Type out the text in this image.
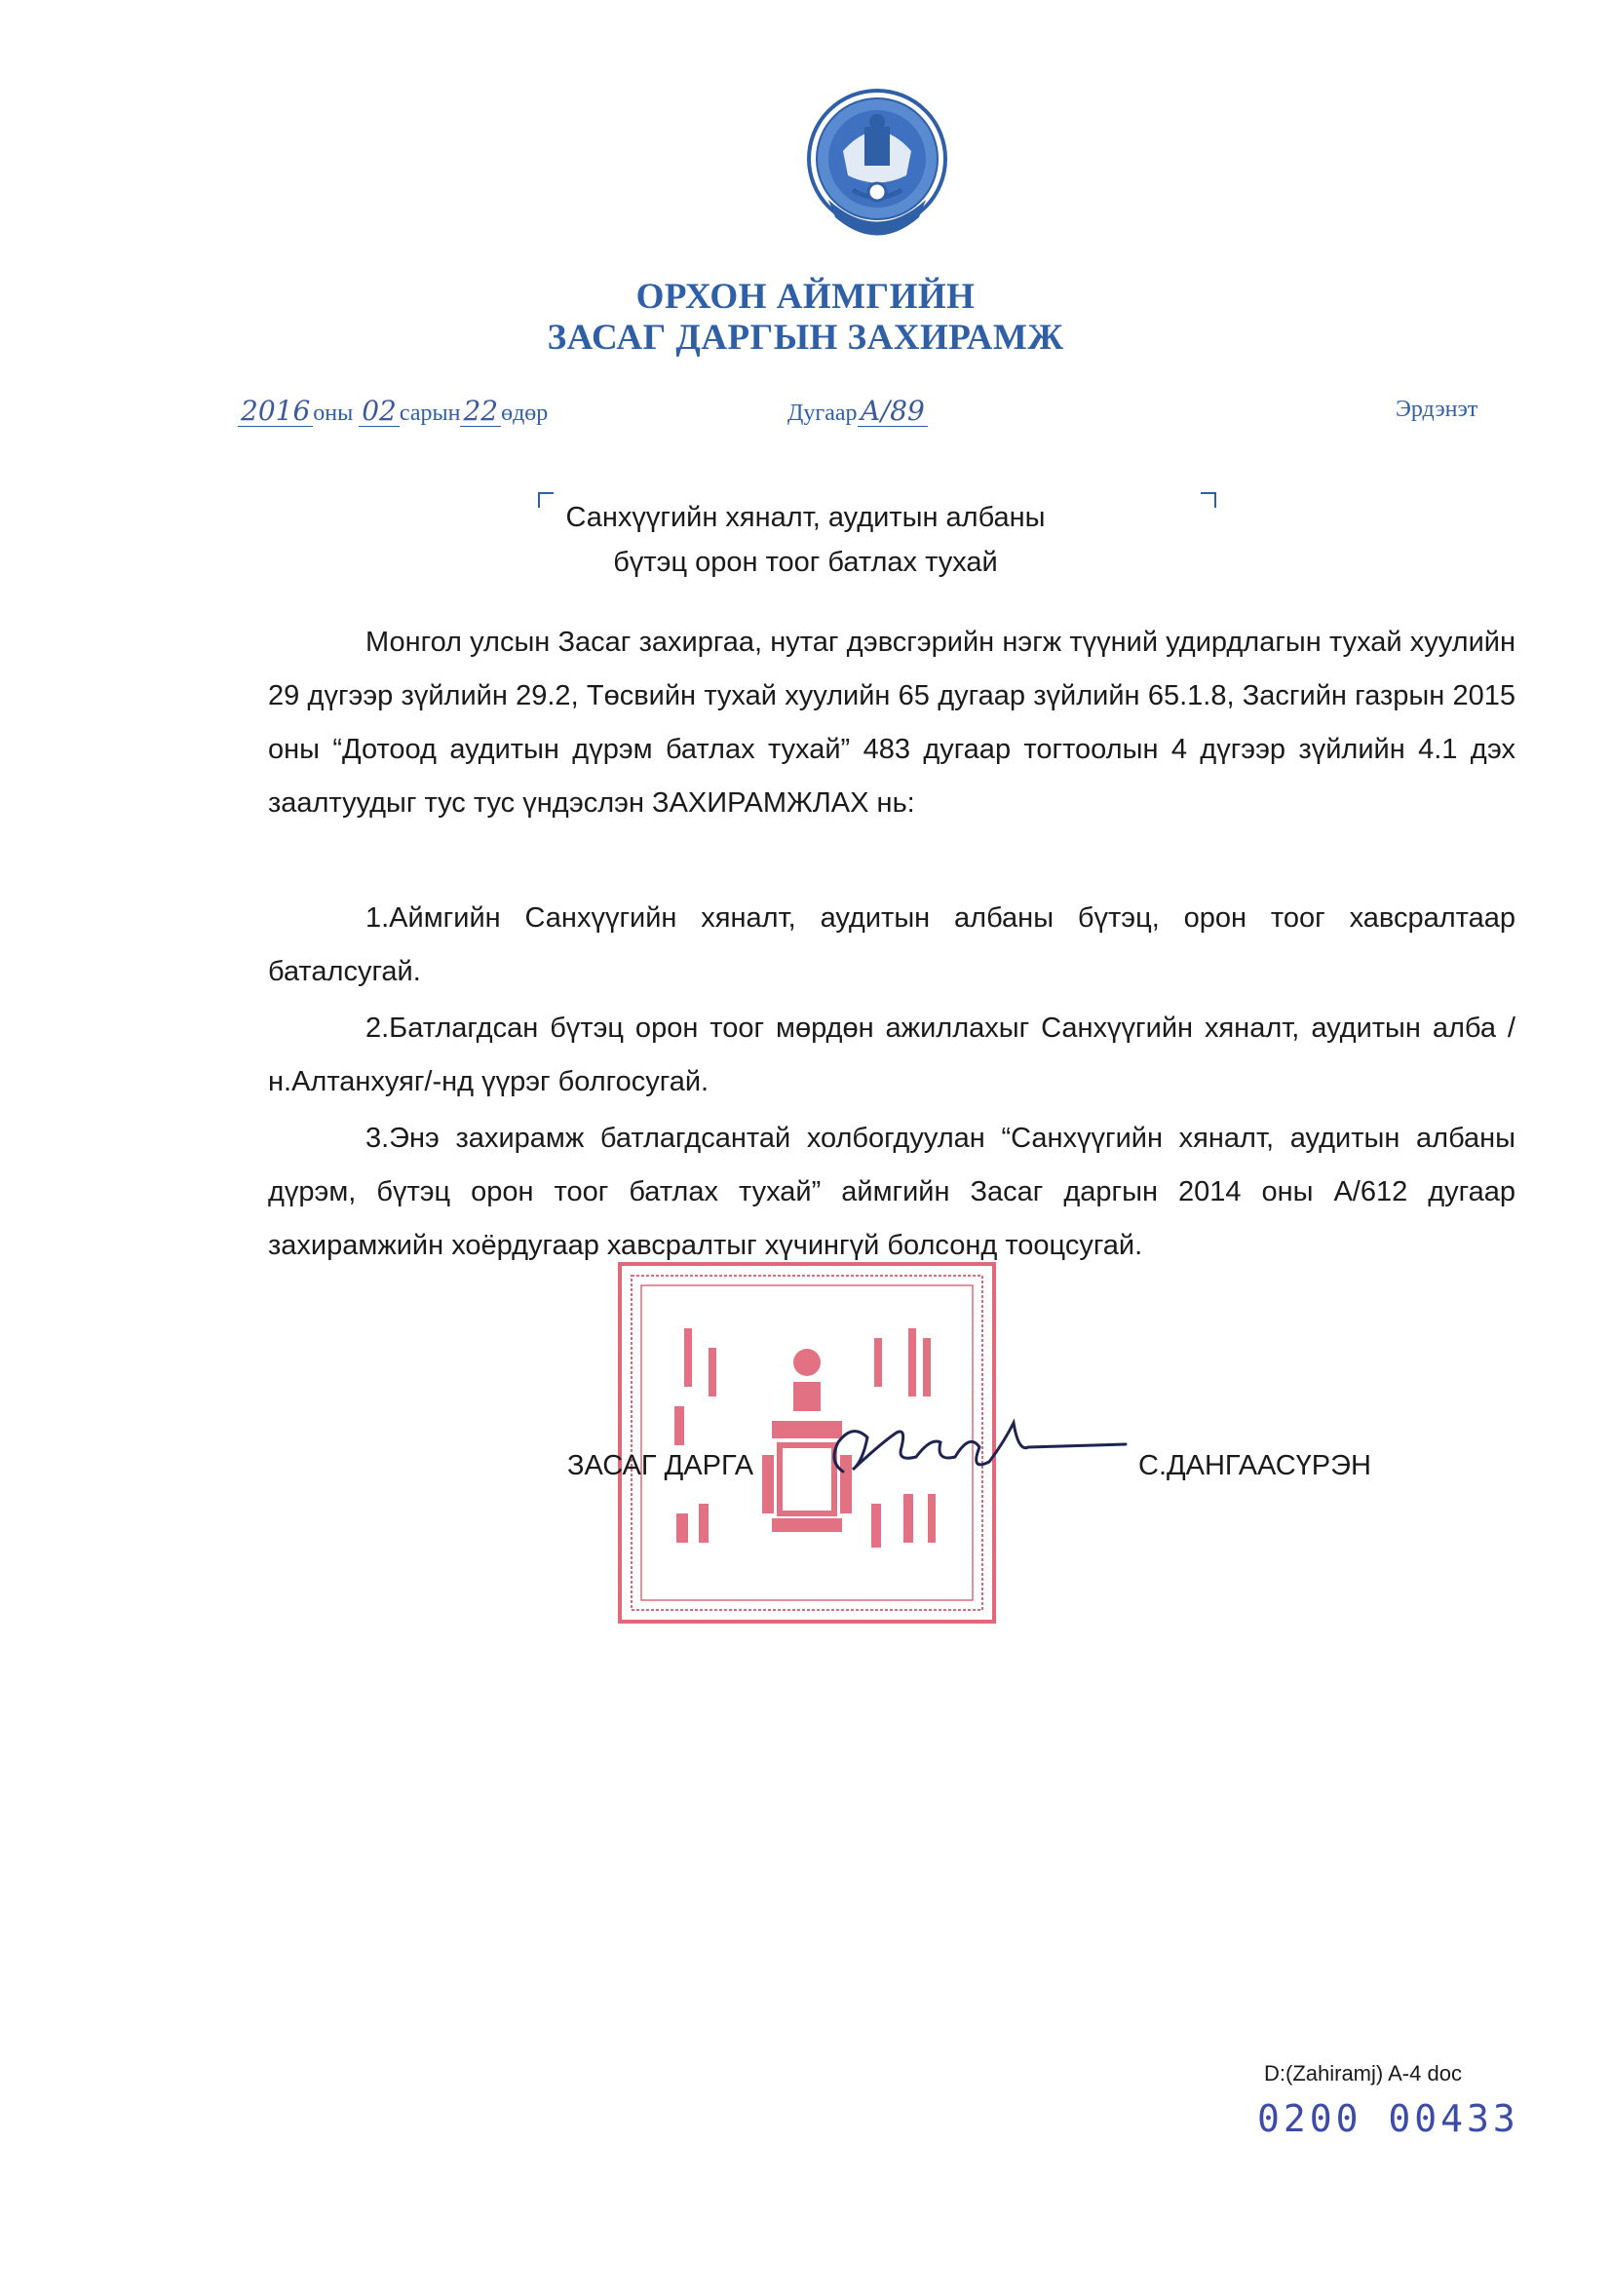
ОРХОН АЙМГИЙН
ЗАСАГ ДАРГЫН ЗАХИРАМЖ
2016 оны 02 сарын 22 өдөр	Дугаар А/89	Эрдэнэт
Санхүүгийн хяналт, аудитын албаны
бүтэц орон тоог батлах тухай
Монгол улсын Засаг захиргаа, нутаг дэвсгэрийн нэгж түүний удирдлагын тухай хуулийн 29 дүгээр зүйлийн 29.2, Төсвийн тухай хуулийн 65 дугаар зүйлийн 65.1.8, Засгийн газрын 2015 оны “Дотоод аудитын дүрэм батлах тухай” 483 дугаар тогтоолын 4 дүгээр зүйлийн 4.1 дэх заалтуудыг тус тус үндэслэн ЗАХИРАМЖЛАХ нь:
1.Аймгийн Санхүүгийн хяналт, аудитын албаны бүтэц, орон тоог хавсралтаар баталсугай.
2.Батлагдсан бүтэц орон тоог мөрдөн ажиллахыг Санхүүгийн хяналт, аудитын алба /н.Алтанхуяг/-нд үүрэг болгосугай.
3.Энэ захирамж батлагдсантай холбогдуулан “Санхүүгийн хяналт, аудитын албаны дүрэм, бүтэц орон тоог батлах тухай” аймгийн Засаг даргын 2014 оны А/612 дугаар захирамжийн хоёрдугаар хавсралтыг хүчингүй болсонд тооцсугай.
ЗАСАГ ДАРГА	С.ДАНГААСҮРЭН
D:(Zahiramj) A-4 doc
0200 00433
